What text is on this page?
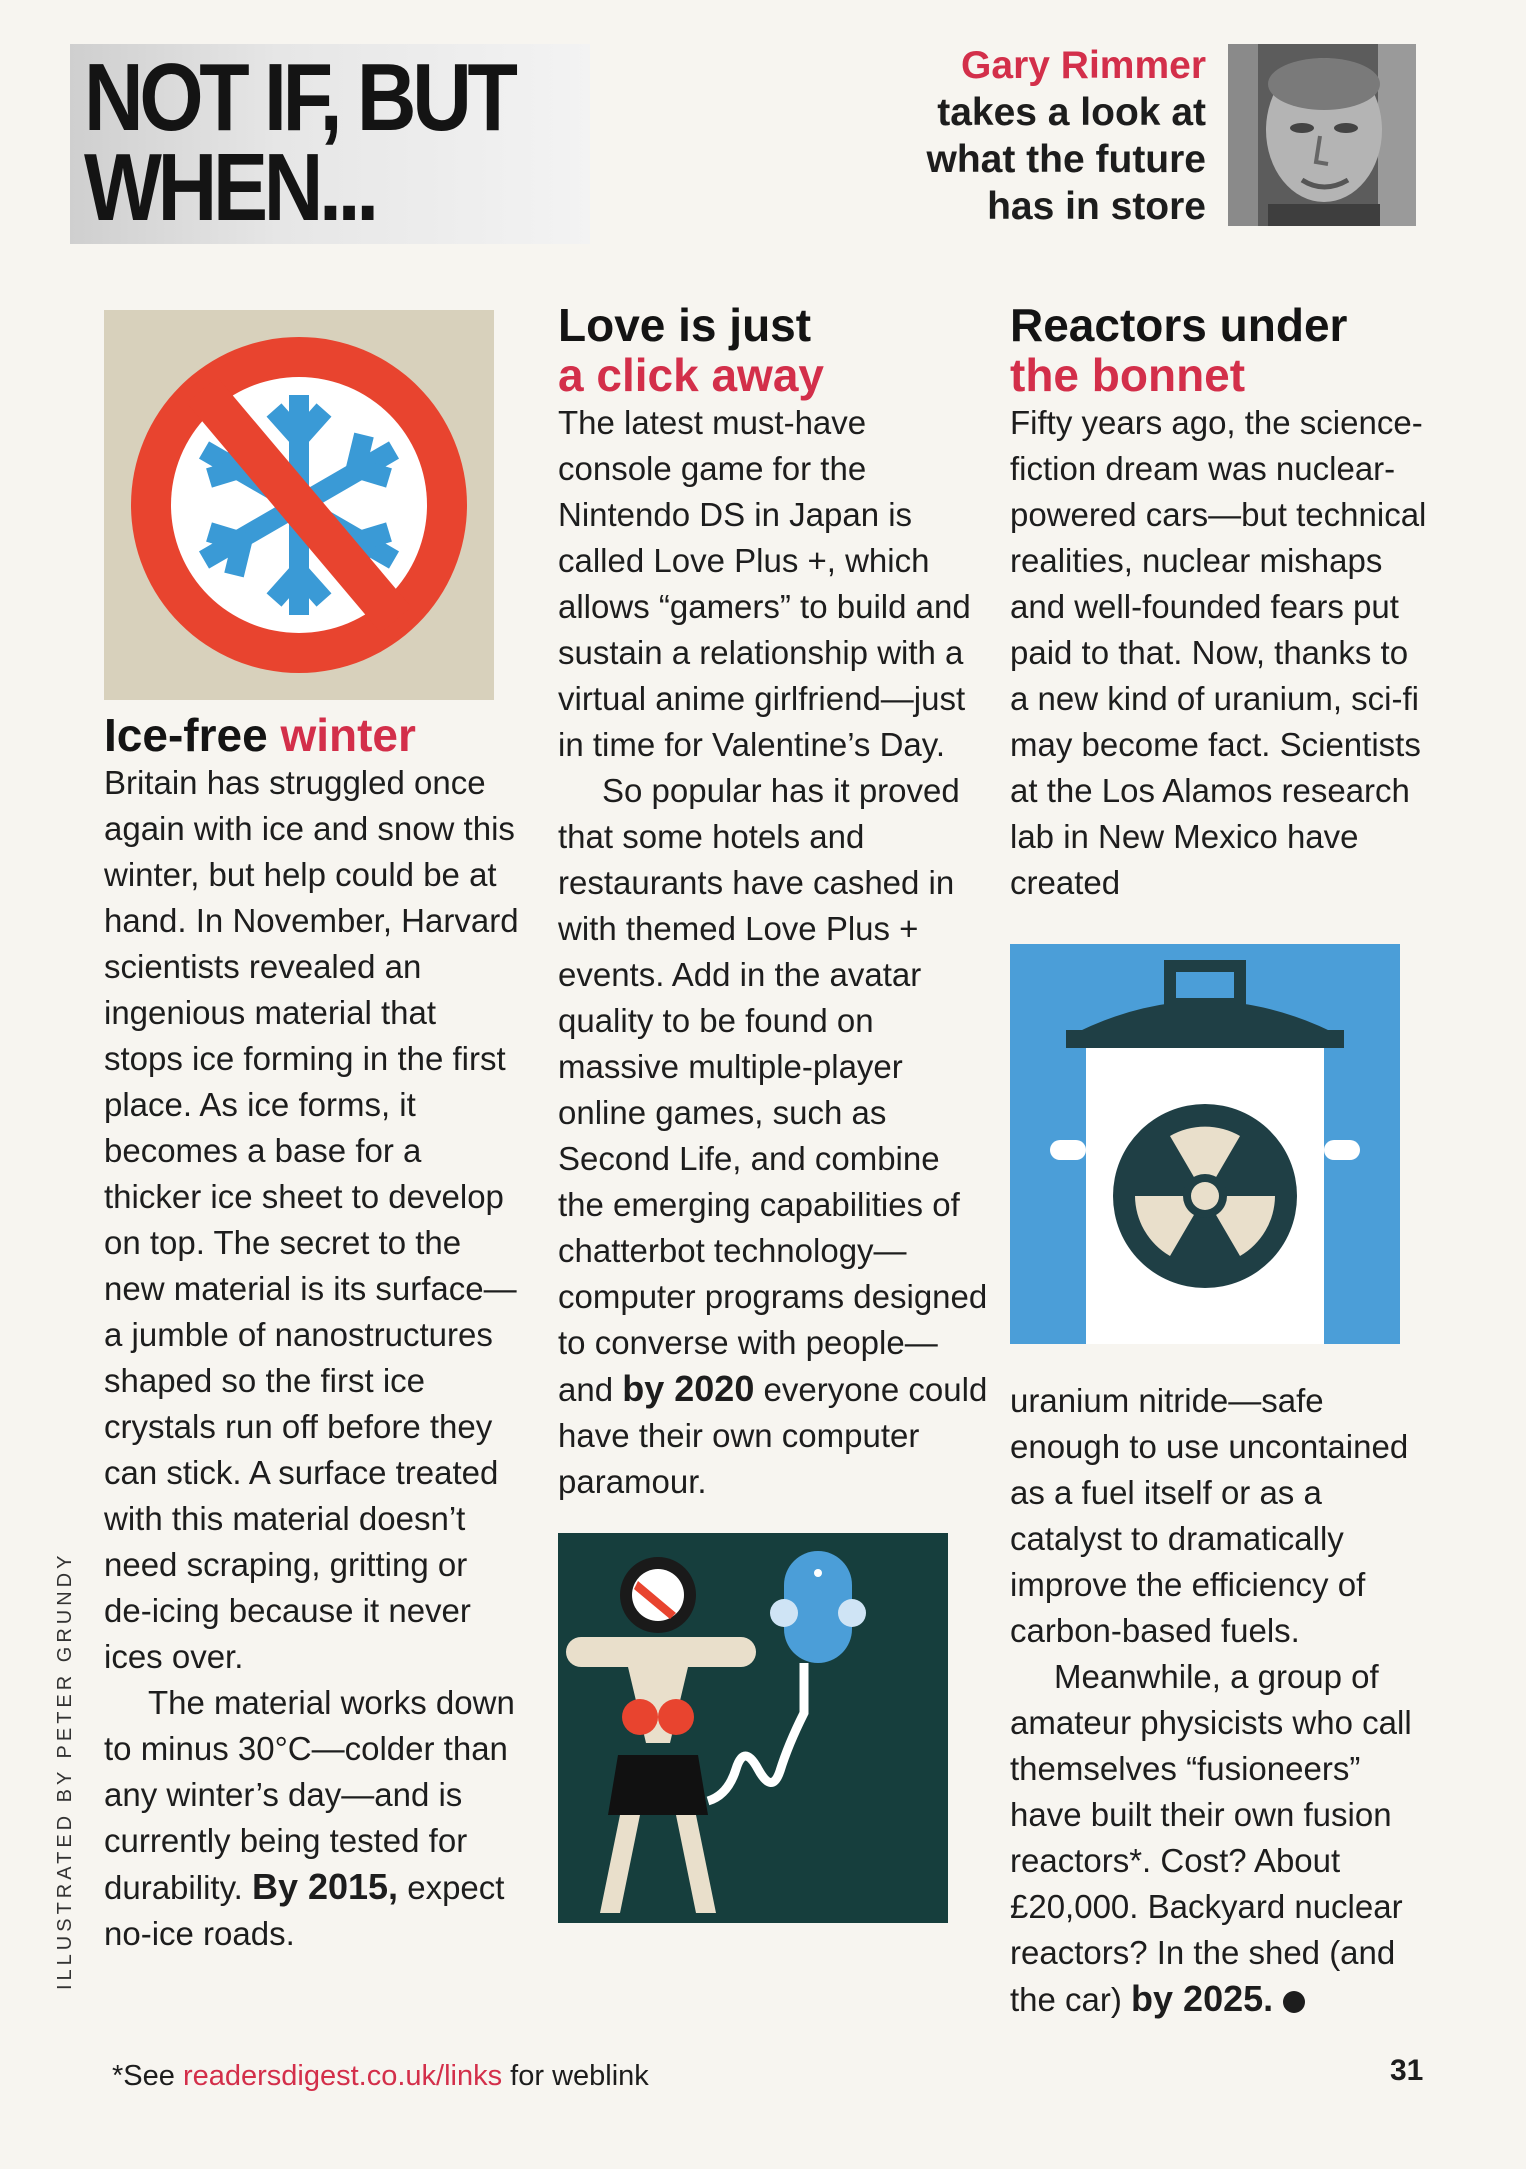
NOT IF, BUT
WHEN...
Gary Rimmer
takes a look at
what the future
has in store
Ice-free winter

Britain has struggled once again with ice and snow this winter, but help could be at hand. In November, Harvard scientists revealed an ingenious material that stops ice forming in the first place. As ice forms, it becomes a base for a thicker ice sheet to develop on top. The secret to the new material is its surface—a jumble of nanostructures shaped so the first ice crystals run off before they can stick. A surface treated with this material doesn’t need scraping, gritting or de-icing because it never ices over.

The material works down to minus 30°C—colder than any winter’s day—and is currently being tested for durability. By 2015, expect no-ice roads.

Love is just
a click away

The latest must-have console game for the Nintendo DS in Japan is called Love Plus +, which allows “gamers” to build and sustain a relationship with a virtual anime girlfriend—just in time for Valentine’s Day.

So popular has it proved that some hotels and restaurants have cashed in with themed Love Plus + events. Add in the avatar quality to be found on massive multiple-player online games, such as Second Life, and combine the emerging capabilities of chatterbot technology—computer programs designed to converse with people—and by 2020 everyone could have their own computer paramour.

Reactors under
the bonnet

Fifty years ago, the science-fiction dream was nuclear-powered cars—but technical realities, nuclear mishaps and well-founded fears put paid to that. Now, thanks to a new kind of uranium, sci-fi may become fact. Scientists at the Los Alamos research lab in New Mexico have created

uranium nitride—safe enough to use uncontained as a fuel itself or as a catalyst to dramatically improve the efficiency of carbon-based fuels.

Meanwhile, a group of amateur physicists who call themselves “fusioneers” have built their own fusion reactors*. Cost? About £20,000. Backyard nuclear reactors? In the shed (and the car) by 2025.

ILLUSTRATED BY PETER GRUNDY
*See readersdigest.co.uk/links for weblink	31
